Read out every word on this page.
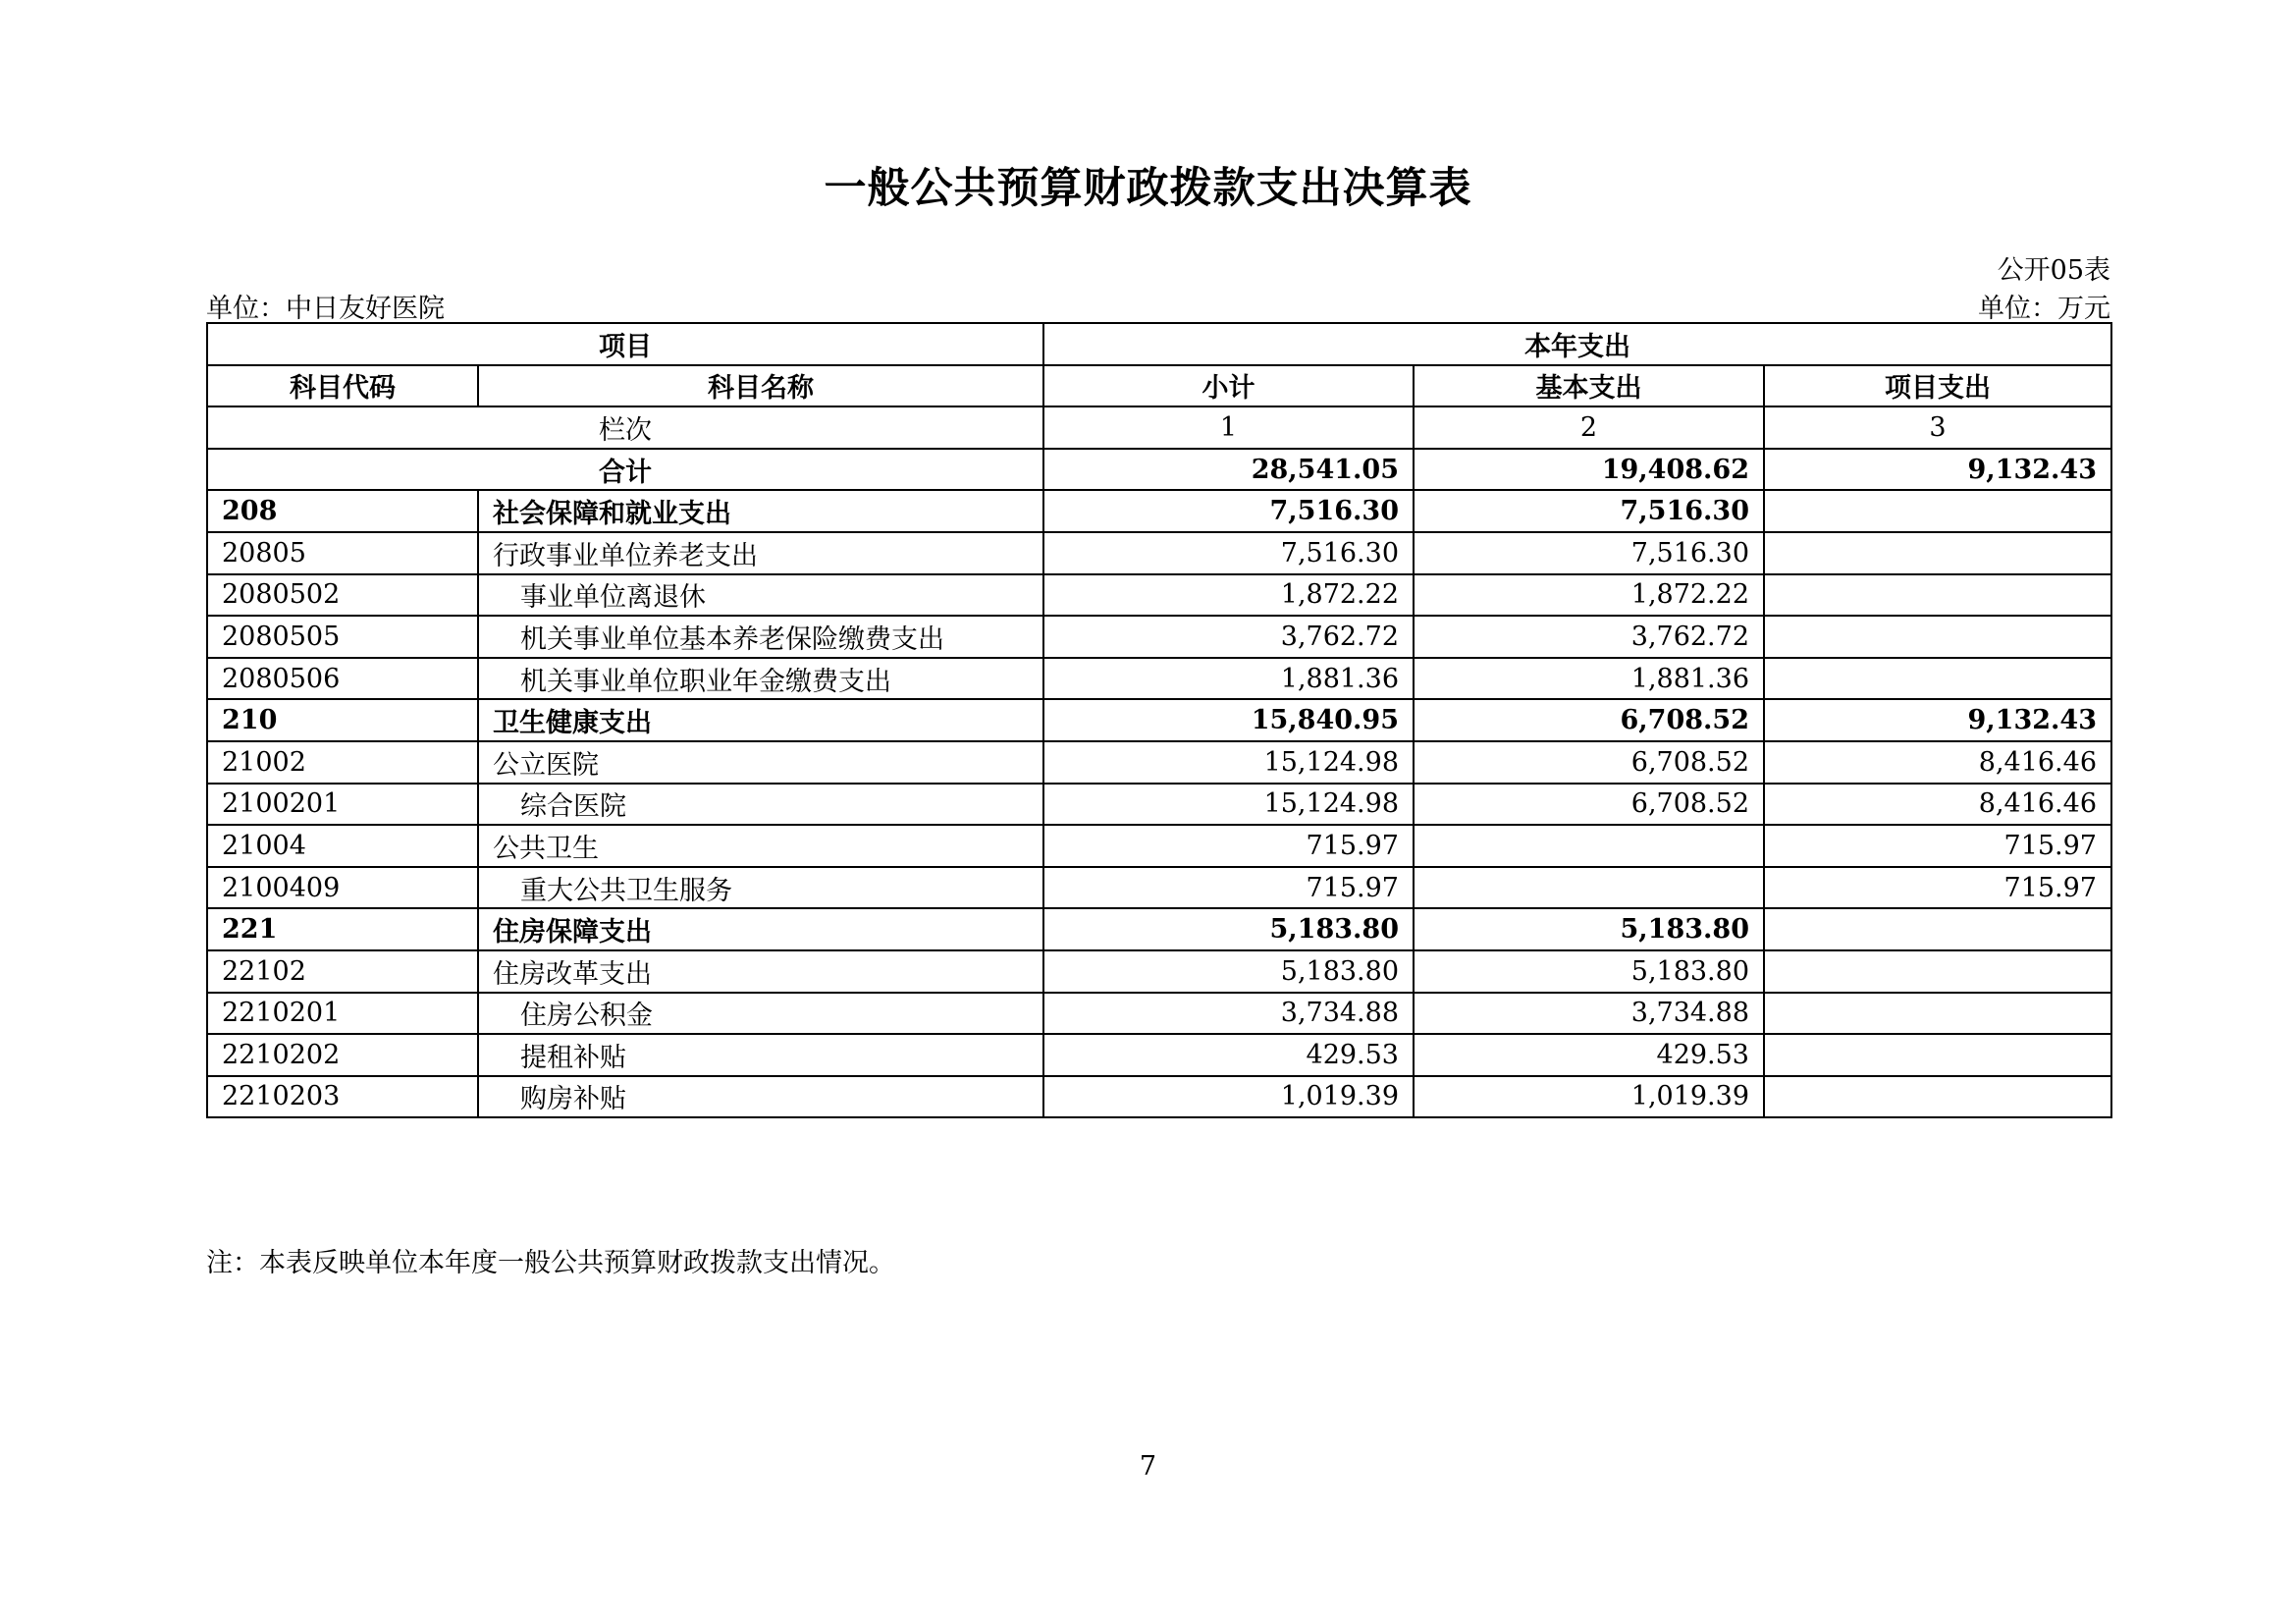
一般公共预算财政拨款支出决算表
公开05表
单位：中日友好医院	单位：万元
项目		本年支出		
科目代码	科目名称	小计	基本支出	项目支出
栏次		1	2	3
合计		28,541.05	19,408.62	9,132.43
208	社会保障和就业支出	7,516.30	7,516.30	
20805	行政事业单位养老支出	7,516.30	7,516.30	
2080502	事业单位离退休	1,872.22	1,872.22	
2080505	机关事业单位基本养老保险缴费支出	3,762.72	3,762.72	
2080506	机关事业单位职业年金缴费支出	1,881.36	1,881.36	
210	卫生健康支出	15,840.95	6,708.52	9,132.43
21002	公立医院	15,124.98	6,708.52	8,416.46
2100201	综合医院	15,124.98	6,708.52	8,416.46
21004	公共卫生	715.97		715.97
2100409	重大公共卫生服务	715.97		715.97
221	住房保障支出	5,183.80	5,183.80	
22102	住房改革支出	5,183.80	5,183.80	
2210201	住房公积金	3,734.88	3,734.88	
2210202	提租补贴	429.53	429.53	
2210203	购房补贴	1,019.39	1,019.39	
注：本表反映单位本年度一般公共预算财政拨款支出情况。
7
